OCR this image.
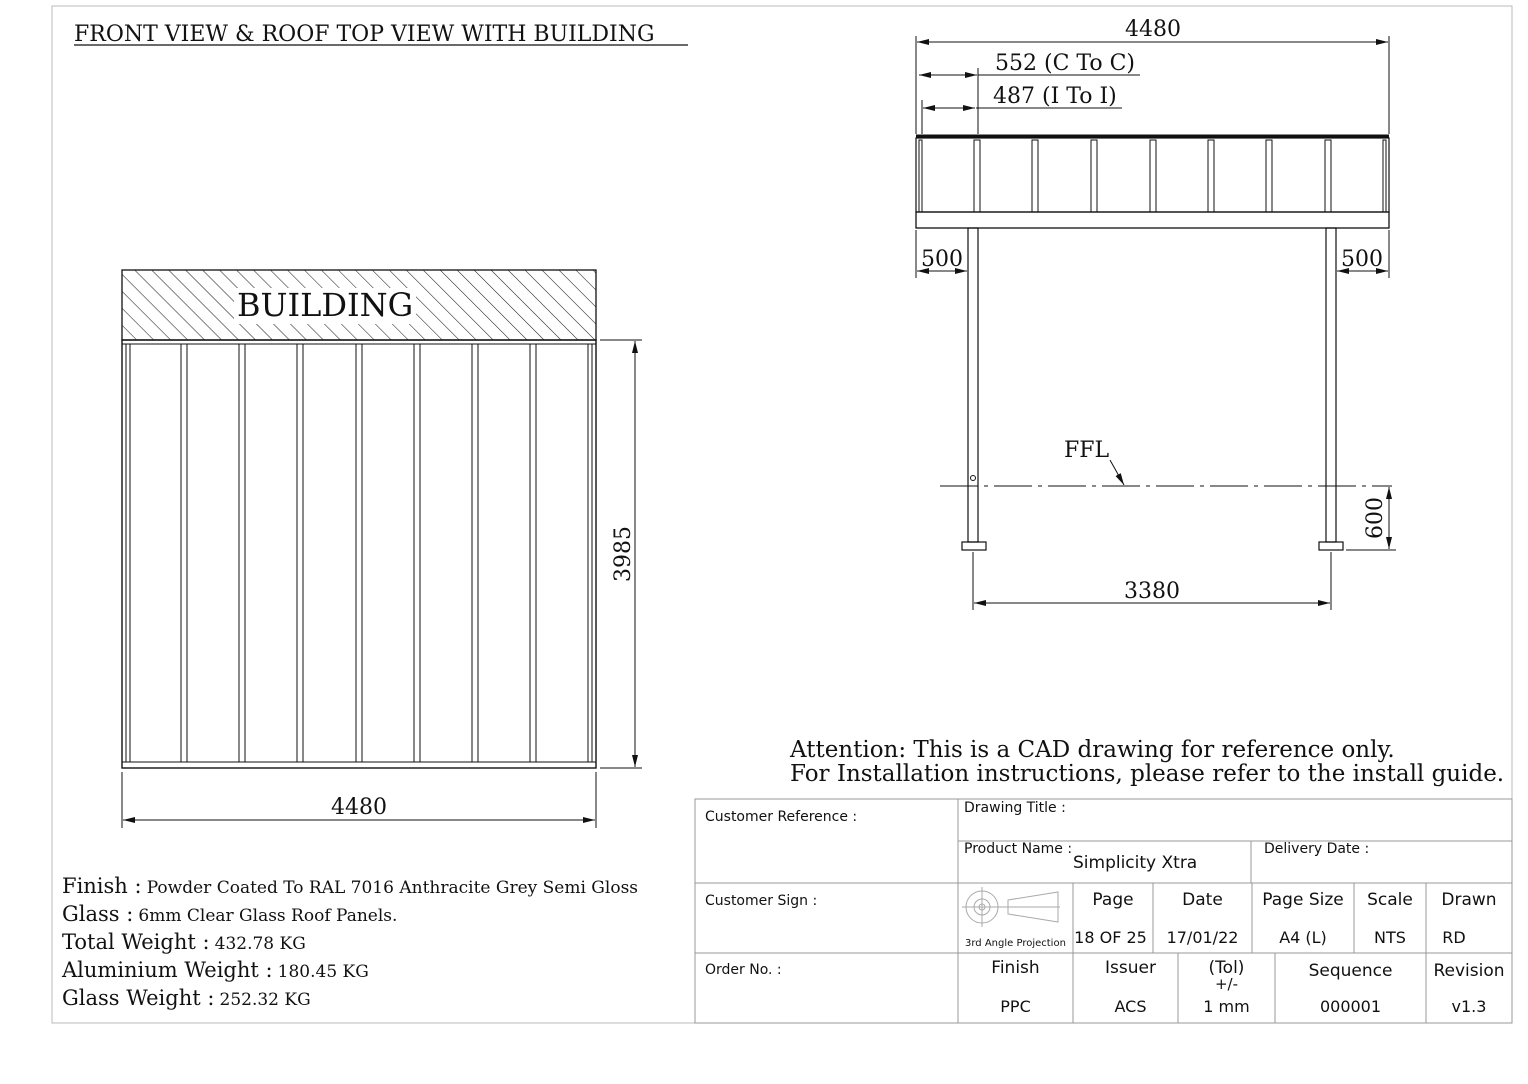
FRONT VIEW & ROOF TOP VIEW WITH BUILDING
BUILDING
4480
3985
4480
552 (C To C)
487 (I To I)
500	500
FFL
600
3380
Attention: This is a CAD drawing for reference only.
For Installation instructions, please refer to the install guide.
Finish : Powder Coated To RAL 7016 Anthracite Grey Semi Gloss
Glass : 6mm Clear Glass Roof Panels.
Total Weight : 432.78 KG
Aluminium Weight : 180.45 KG
Glass Weight : 252.32 KG
Customer Reference :
Customer Sign :
Order No. :
Drawing Title :
Product Name :
Simplicity Xtra
Delivery Date :
3rd Angle Projection
Page
18 OF 25
Date
17/01/22
Page Size
A4 (L)
Scale
NTS
Drawn
RD
Finish
PPC
Issuer
ACS
(Tol)
+/-
1 mm
Sequence
000001
Revision
v1.3
